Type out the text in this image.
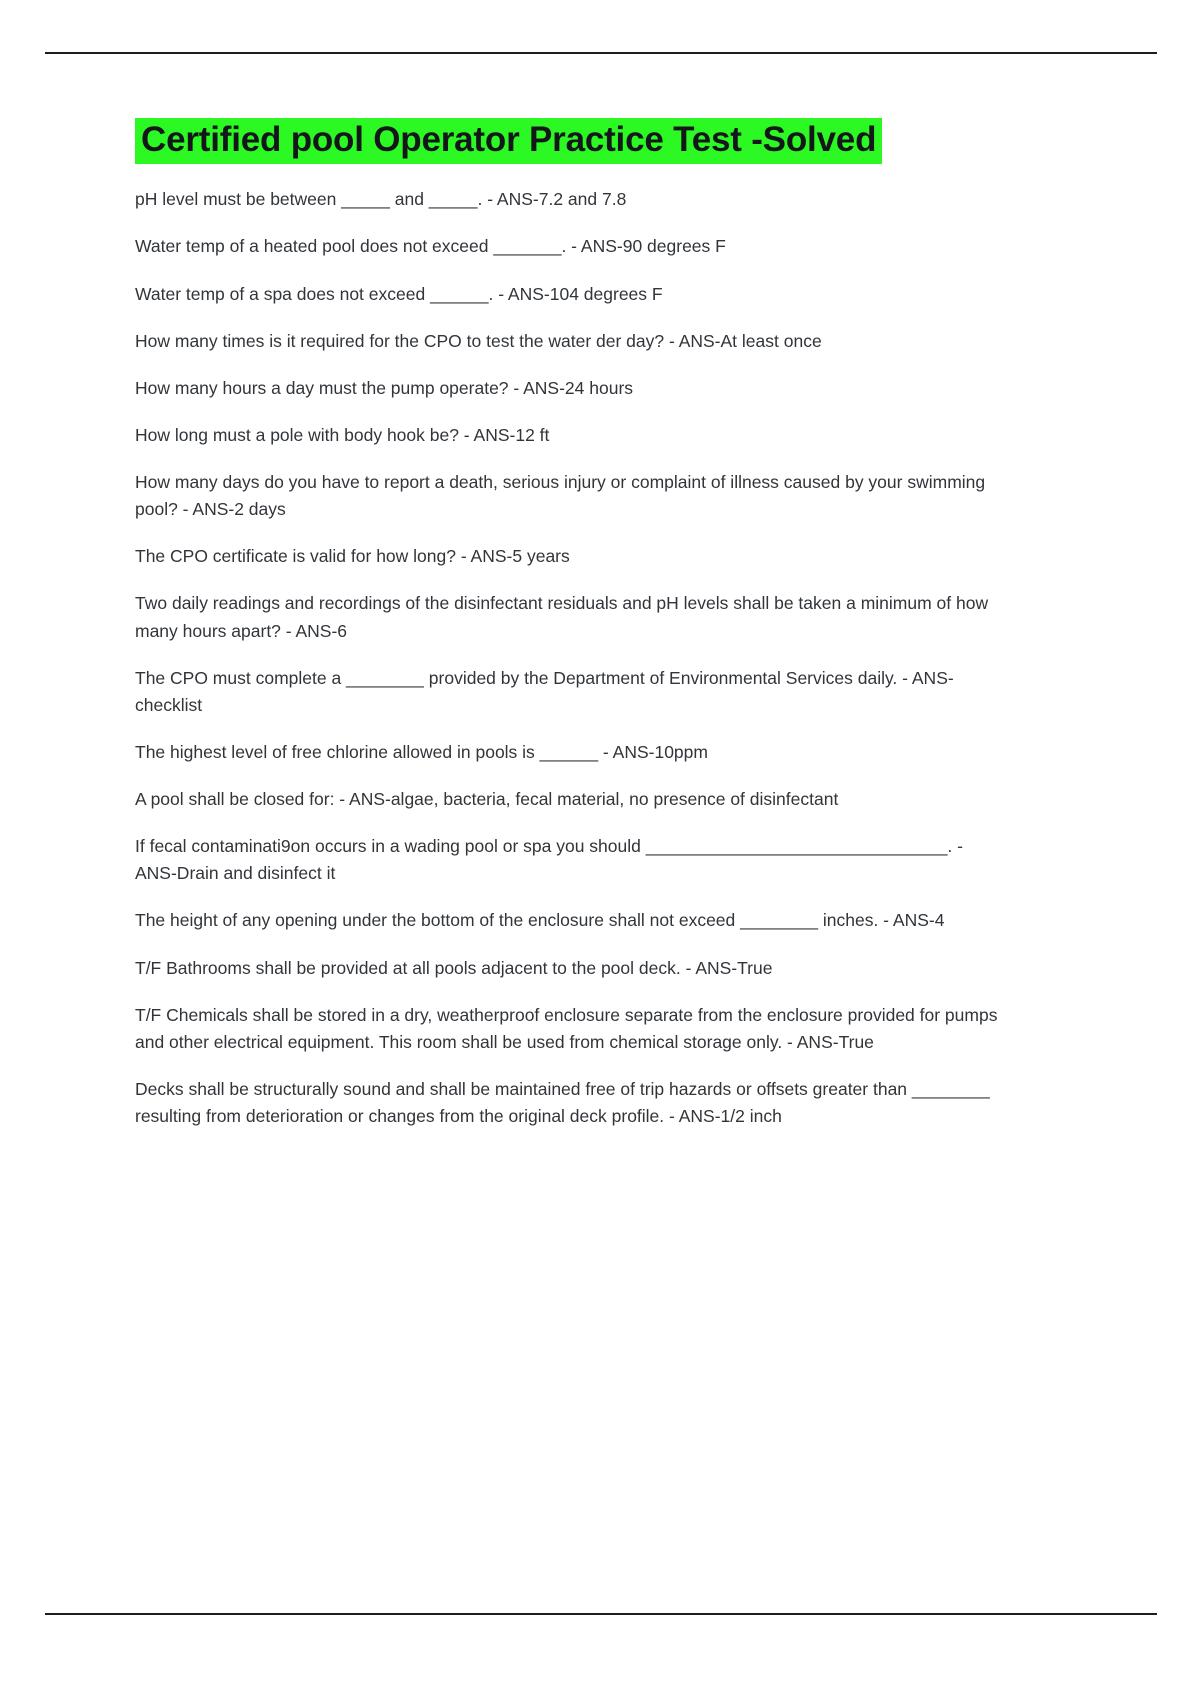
Certified pool Operator Practice Test -Solved
pH level must be between _____ and _____. - ANS-7.2 and 7.8
Water temp of a heated pool does not exceed _______. - ANS-90 degrees F
Water temp of a spa does not exceed ______. - ANS-104 degrees F
How many times is it required for the CPO to test the water der day? - ANS-At least once
How many hours a day must the pump operate? - ANS-24 hours
How long must a pole with body hook be? - ANS-12 ft
How many days do you have to report a death, serious injury or complaint of illness caused by your swimming pool? - ANS-2 days
The CPO certificate is valid for how long? - ANS-5 years
Two daily readings and recordings of the disinfectant residuals and pH levels shall be taken a minimum of how many hours apart? - ANS-6
The CPO must complete a ________ provided by the Department of Environmental Services daily. - ANS-checklist
The highest level of free chlorine allowed in pools is ______ - ANS-10ppm
A pool shall be closed for: - ANS-algae, bacteria, fecal material, no presence of disinfectant
If fecal contaminati9on occurs in a wading pool or spa you should _______________________________. - ANS-Drain and disinfect it
The height of any opening under the bottom of the enclosure shall not exceed ________ inches. - ANS-4
T/F Bathrooms shall be provided at all pools adjacent to the pool deck. - ANS-True
T/F Chemicals shall be stored in a dry, weatherproof enclosure separate from the enclosure provided for pumps and other electrical equipment. This room shall be used from chemical storage only. - ANS-True
Decks shall be structurally sound and shall be maintained free of trip hazards or offsets greater than ________ resulting from deterioration or changes from the original deck profile. - ANS-1/2 inch
